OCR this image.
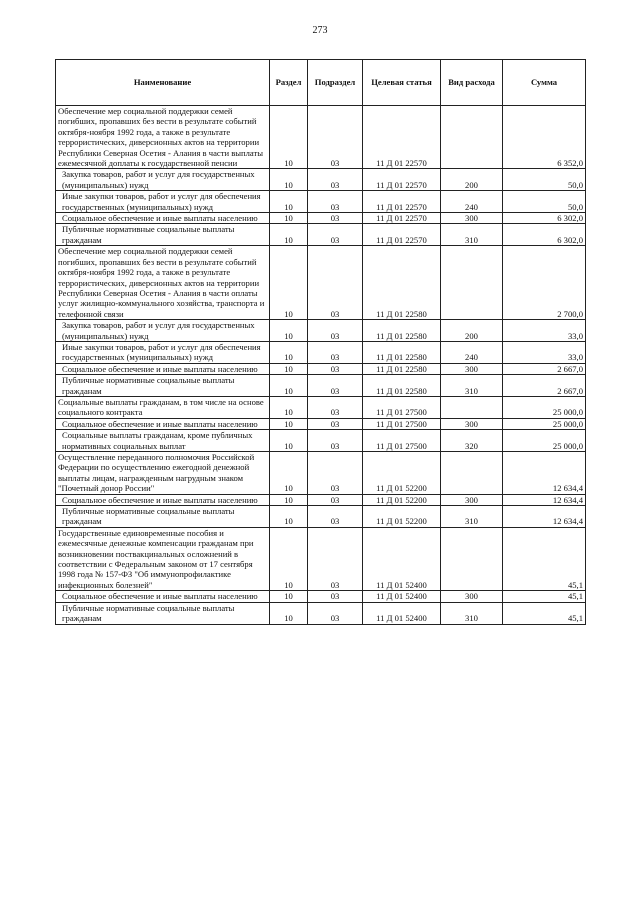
273
Наименование	Раздел	Подраздел	Целевая статья	Вид расхода	Сумма
Обеспечение мер социальной поддержки семей погибших, пропавших без вести в результате событий октября-ноября 1992 года, а также в результате террористических, диверсионных актов на территории Республики Северная Осетия - Алания в части выплаты ежемесячной доплаты к государственной пенсии	10	03	11 Д 01 22570		6 352,0
Закупка товаров, работ и услуг для государственных (муниципальных) нужд	10	03	11 Д 01 22570	200	50,0
Иные закупки товаров, работ и услуг для обеспечения государственных (муниципальных) нужд	10	03	11 Д 01 22570	240	50,0
Социальное обеспечение и иные выплаты населению	10	03	11 Д 01 22570	300	6 302,0
Публичные нормативные социальные выплаты гражданам	10	03	11 Д 01 22570	310	6 302,0
Обеспечение мер социальной поддержки семей погибших, пропавших без вести в результате событий октября-ноября 1992 года, а также в результате террористических, диверсионных актов на территории Республики Северная Осетия - Алания в части оплаты услуг жилищно-коммунального хозяйства, транспорта и телефонной связи	10	03	11 Д 01 22580		2 700,0
Закупка товаров, работ и услуг для государственных (муниципальных) нужд	10	03	11 Д 01 22580	200	33,0
Иные закупки товаров, работ и услуг для обеспечения государственных (муниципальных) нужд	10	03	11 Д 01 22580	240	33,0
Социальное обеспечение и иные выплаты населению	10	03	11 Д 01 22580	300	2 667,0
Публичные нормативные социальные выплаты гражданам	10	03	11 Д 01 22580	310	2 667,0
Социальные выплаты гражданам, в том числе на основе социального контракта	10	03	11 Д 01 27500		25 000,0
Социальное обеспечение и иные выплаты населению	10	03	11 Д 01 27500	300	25 000,0
Социальные выплаты гражданам, кроме публичных нормативных социальных выплат	10	03	11 Д 01 27500	320	25 000,0
Осуществление переданного полномочия Российской Федерации по осуществлению ежегодной денежной выплаты лицам, награжденным нагрудным знаком "Почетный донор России"	10	03	11 Д 01 52200		12 634,4
Социальное обеспечение и иные выплаты населению	10	03	11 Д 01 52200	300	12 634,4
Публичные нормативные социальные выплаты гражданам	10	03	11 Д 01 52200	310	12 634,4
Государственные единовременные пособия и ежемесячные денежные компенсации гражданам при возникновении поствакцинальных осложнений в соответствии с Федеральным законом от 17 сентября 1998 года № 157-ФЗ "Об иммунопрофилактике инфекционных болезней"	10	03	11 Д 01 52400		45,1
Социальное обеспечение и иные выплаты населению	10	03	11 Д 01 52400	300	45,1
Публичные нормативные социальные выплаты гражданам	10	03	11 Д 01 52400	310	45,1
